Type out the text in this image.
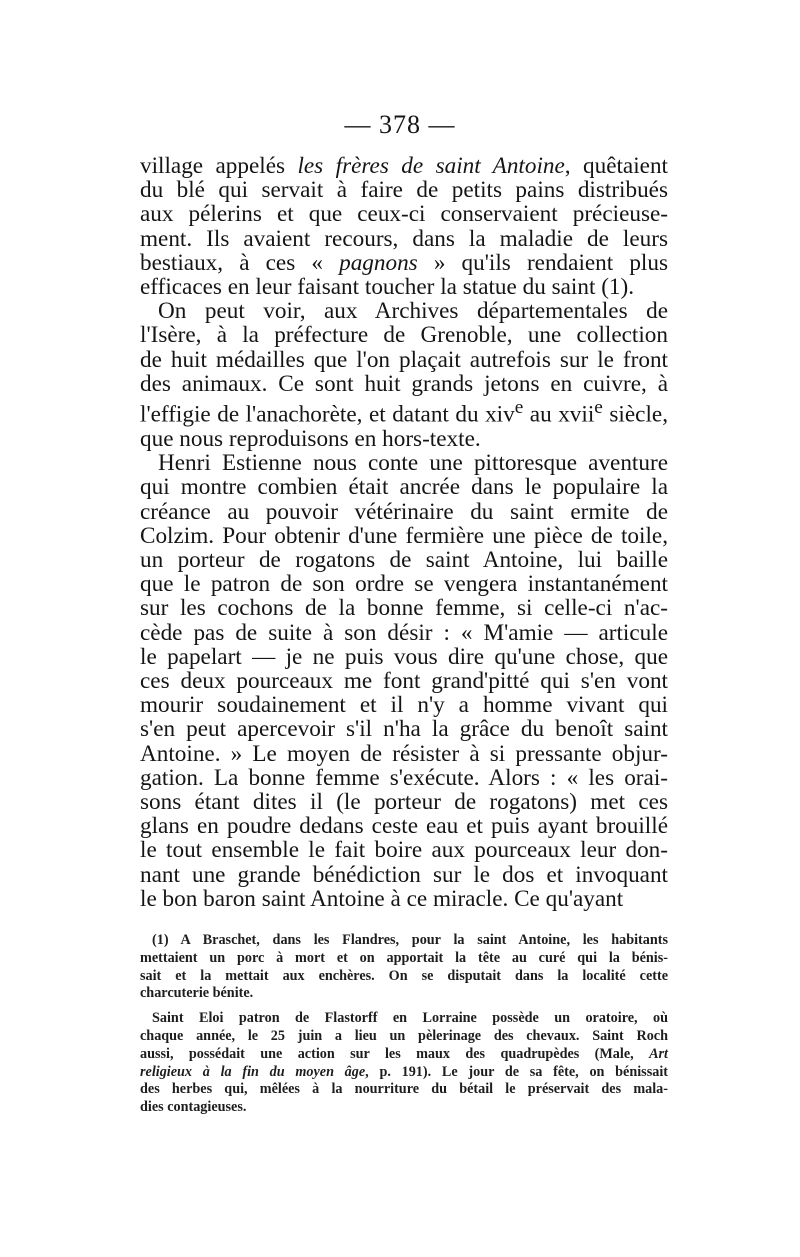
— 378 —
village appelés les frères de saint Antoine, quêtaient
du blé qui servait à faire de petits pains distribués
aux pélerins et que ceux-ci conservaient précieuse-
ment. Ils avaient recours, dans la maladie de leurs
bestiaux, à ces « pagnons » qu'ils rendaient plus
efficaces en leur faisant toucher la statue du saint (1).
On peut voir, aux Archives départementales de
l'Isère, à la préfecture de Grenoble, une collection
de huit médailles que l'on plaçait autrefois sur le front
des animaux. Ce sont huit grands jetons en cuivre, à
l'effigie de l'anachorète, et datant du xiv$^e$ au xvii$^e$ siècle,
que nous reproduisons en hors-texte.
Henri Estienne nous conte une pittoresque aventure
qui montre combien était ancrée dans le populaire la
créance au pouvoir vétérinaire du saint ermite de
Colzim. Pour obtenir d'une fermière une pièce de toile,
un porteur de rogatons de saint Antoine, lui baille
que le patron de son ordre se vengera instantanément
sur les cochons de la bonne femme, si celle-ci n'ac-
cède pas de suite à son désir : « M'amie — articule
le papelart — je ne puis vous dire qu'une chose, que
ces deux pourceaux me font grand'pitté qui s'en vont
mourir soudainement et il n'y a homme vivant qui
s'en peut apercevoir s'il n'ha la grâce du benoît saint
Antoine. » Le moyen de résister à si pressante objur-
gation. La bonne femme s'exécute. Alors : « les orai-
sons étant dites il (le porteur de rogatons) met ces
glans en poudre dedans ceste eau et puis ayant brouillé
le tout ensemble le fait boire aux pourceaux leur don-
nant une grande bénédiction sur le dos et invoquant
le bon baron saint Antoine à ce miracle. Ce qu'ayant
(1) A Braschet, dans les Flandres, pour la saint Antoine, les habitants
mettaient un porc à mort et on apportait la tête au curé qui la bénis-
sait et la mettait aux enchères. On se disputait dans la localité cette
charcuterie bénite.
Saint Eloi patron de Flastorff en Lorraine possède un oratoire, où
chaque année, le 25 juin a lieu un pèlerinage des chevaux. Saint Roch
aussi, possédait une action sur les maux des quadrupèdes (Male, Art
religieux à la fin du moyen âge, p. 191). Le jour de sa fête, on bénissait
des herbes qui, mêlées à la nourriture du bétail le préservait des mala-
dies contagieuses.
